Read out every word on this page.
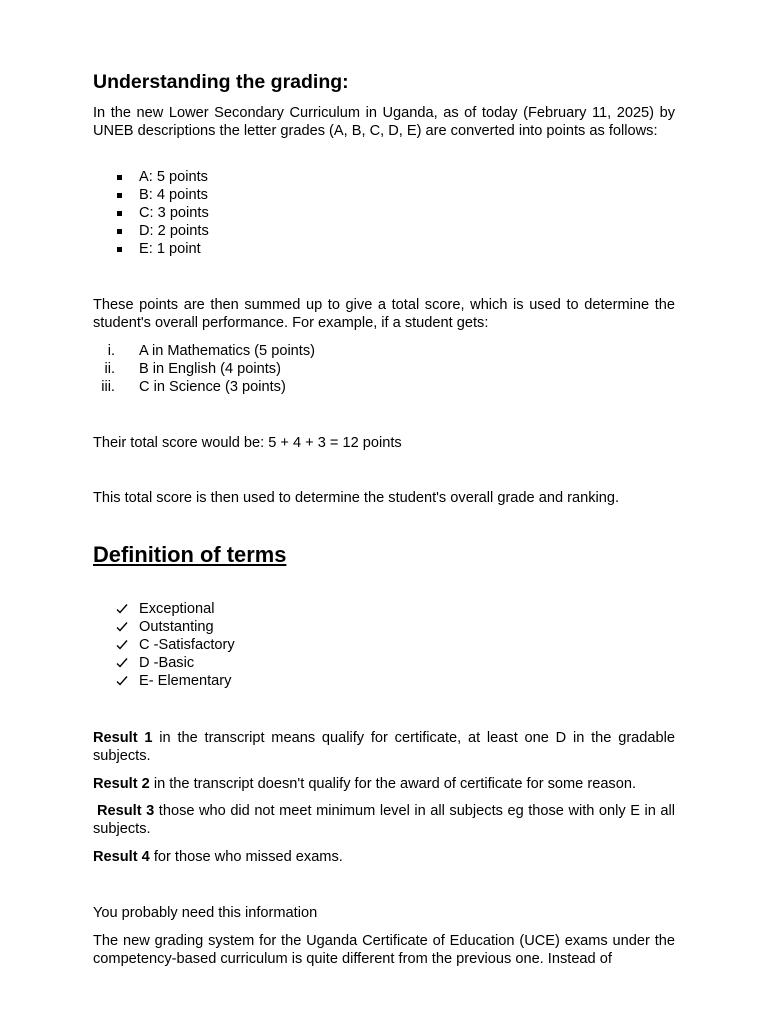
Understanding the grading:

In the new Lower Secondary Curriculum in Uganda, as of today (February 11, 2025) by UNEB descriptions the letter grades (A, B, C, D, E) are converted into points as follows:

A: 5 points
B: 4 points
C: 3 points
D: 2 points
E: 1 point

These points are then summed up to give a total score, which is used to determine the student's overall performance. For example, if a student gets:

i. A in Mathematics (5 points)
ii. B in English (4 points)
iii. C in Science (3 points)

Their total score would be: 5 + 4 + 3 = 12 points

This total score is then used to determine the student's overall grade and ranking.

Definition of terms
Exceptional
Outstanting
C -Satisfactory
D -Basic
E- Elementary

Result 1 in the transcript means qualify for certificate, at least one D in the gradable subjects.

Result 2 in the transcript doesn't qualify for the award of certificate for some reason.

Result 3 those who did not meet minimum level in all subjects eg those with only E in all subjects.

Result 4 for those who missed exams.

You probably need this information

The new grading system for the Uganda Certificate of Education (UCE) exams under the competency-based curriculum is quite different from the previous one. Instead of
